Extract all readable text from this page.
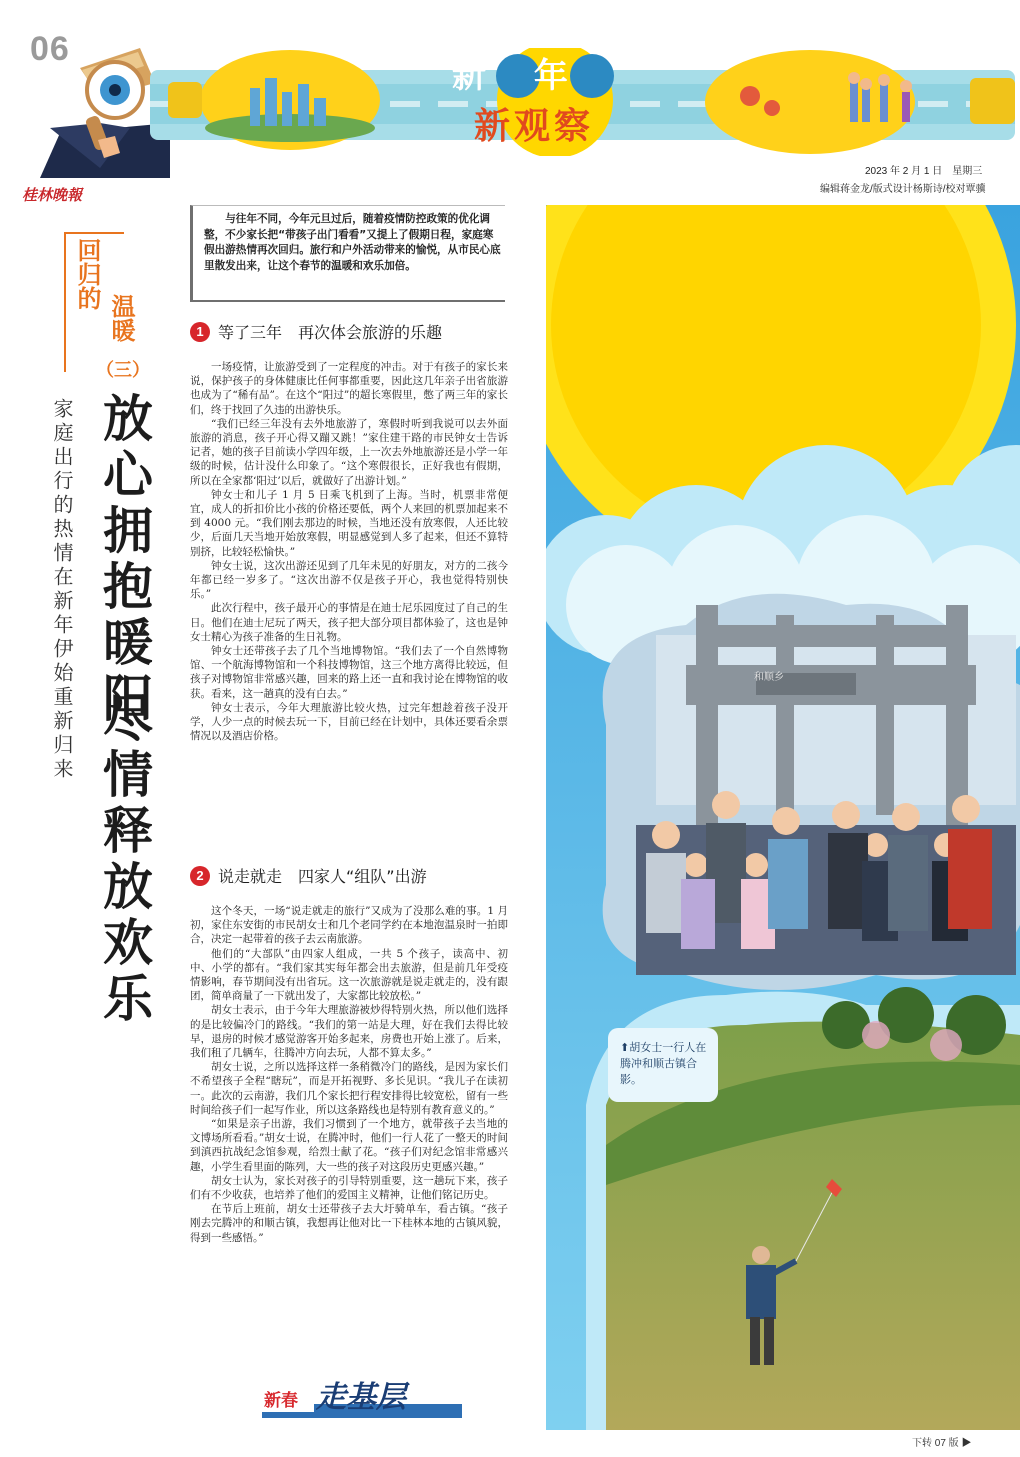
06
新 年
新观察
桂林晚報
2023 年 2 月 1 日　星期三
编辑蒋金龙/版式设计杨斯诗/校对覃骥
回归的
温暖
（三）
家庭出行的热情在新年伊始重新归来 放心拥抱暖阳
尽情释放欢乐
与往年不同，今年元旦过后，随着疫情防控政策的优化调整，不少家长把“带孩子出门看看”又提上了假期日程，家庭寒假出游热情再次回归。旅行和户外活动带来的愉悦，从市民心底里散发出来，让这个春节的温暖和欢乐加倍。
1 等了三年　再次体会旅游的乐趣

一场疫情，让旅游受到了一定程度的冲击。对于有孩子的家长来说，保护孩子的身体健康比任何事都重要，因此这几年亲子出省旅游也成为了“稀有品”。在这个“阳过”的超长寒假里，憋了两三年的家长们，终于找回了久违的出游快乐。

“我们已经三年没有去外地旅游了，寒假时听到我说可以去外面旅游的消息，孩子开心得又蹦又跳！”家住建干路的市民钟女士告诉记者，她的孩子目前读小学四年级，上一次去外地旅游还是小学一年级的时候，估计没什么印象了。“这个寒假很长，正好我也有假期，所以在全家都‘阳过’以后，就做好了出游计划。”

钟女士和儿子 1 月 5 日乘飞机到了上海。当时，机票非常便宜，成人的折扣价比小孩的价格还要低，两个人来回的机票加起来不到 4000 元。“我们刚去那边的时候，当地还没有放寒假，人还比较少，后面几天当地开始放寒假，明显感觉到人多了起来，但还不算特别挤，比较轻松愉快。”

钟女士说，这次出游还见到了几年未见的好朋友，对方的二孩今年都已经一岁多了。“这次出游不仅是孩子开心，我也觉得特别快乐。”

此次行程中，孩子最开心的事情是在迪士尼乐园度过了自己的生日。他们在迪士尼玩了两天，孩子把大部分项目都体验了，这也是钟女士精心为孩子准备的生日礼物。

钟女士还带孩子去了几个当地博物馆。“我们去了一个自然博物馆、一个航海博物馆和一个科技博物馆，这三个地方离得比较远，但孩子对博物馆非常感兴趣，回来的路上还一直和我讨论在博物馆的收获。看来，这一趟真的没有白去。”

钟女士表示，今年大理旅游比较火热，过完年想趁着孩子没开学，人少一点的时候去玩一下，目前已经在计划中，具体还要看余票情况以及酒店价格。

2 说走就走　四家人“组队”出游

这个冬天，一场“说走就走的旅行”又成为了没那么难的事。1 月初，家住东安街的市民胡女士和几个老同学约在本地泡温泉时一拍即合，决定一起带着的孩子去云南旅游。

他们的“大部队”由四家人组成，一共 5 个孩子，读高中、初中、小学的都有。“我们家其实每年都会出去旅游，但是前几年受疫情影响，春节期间没有出省玩。这一次旅游就是说走就走的，没有跟团，简单商量了一下就出发了，大家都比较放松。”

胡女士表示，由于今年大理旅游被炒得特别火热，所以他们选择的是比较偏冷门的路线。“我们的第一站是大理，好在我们去得比较早，退房的时候才感觉游客开始多起来，房费也开始上涨了。后来，我们租了几辆车，往腾冲方向去玩，人都不算太多。”

胡女士说，之所以选择这样一条稍微冷门的路线，是因为家长们不希望孩子全程“瞎玩”，而是开拓视野、多长见识。“我儿子在读初一。此次的云南游，我们几个家长把行程安排得比较宽松，留有一些时间给孩子们一起写作业，所以这条路线也是特别有教育意义的。”

“如果是亲子出游，我们习惯到了一个地方，就带孩子去当地的文博场所看看。”胡女士说，在腾冲时，他们一行人花了一整天的时间到滇西抗战纪念馆参观，给烈士献了花。“孩子们对纪念馆非常感兴趣，小学生看里面的陈列，大一些的孩子对这段历史更感兴趣。”

胡女士认为，家长对孩子的引导特别重要，这一趟玩下来，孩子们有不少收获，也培养了他们的爱国主义精神，让他们铭记历史。

在节后上班前，胡女士还带孩子去大圩骑单车，看古镇。“孩子刚去完腾冲的和顺古镇，我想再让他对比一下桂林本地的古镇风貌，得到一些感悟。”

和顺乡
⬆胡女士一行人在腾冲和顺古镇合影。
新春 走基层
下转 07 版 ▶
